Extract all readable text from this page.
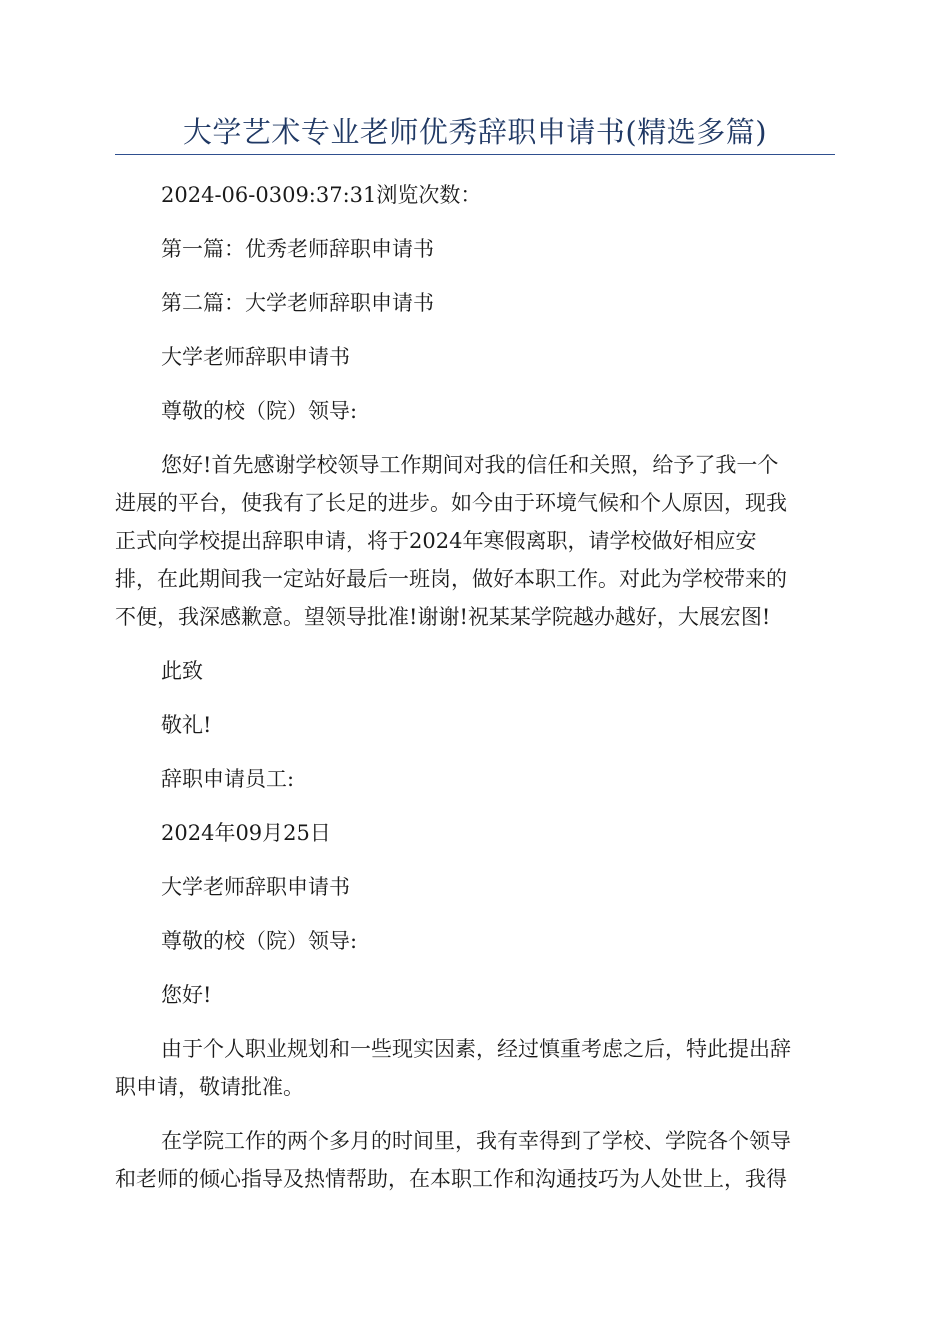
大学艺术专业老师优秀辞职申请书(精选多篇)
2024-06-0309:37:31浏览次数：
第一篇：优秀老师辞职申请书
第二篇：大学老师辞职申请书
大学老师辞职申请书
尊敬的校（院）领导:
您好!首先感谢学校领导工作期间对我的信任和关照，给予了我一个
进展的平台，使我有了长足的进步。如今由于环境气候和个人原因，现我
正式向学校提出辞职申请，将于2024年寒假离职，请学校做好相应安
排，在此期间我一定站好最后一班岗，做好本职工作。对此为学校带来的
不便，我深感歉意。望领导批准!谢谢!祝某某学院越办越好，大展宏图!
此致
敬礼!
辞职申请员工:
2024年09月25日
大学老师辞职申请书
尊敬的校（院）领导:
您好!
由于个人职业规划和一些现实因素，经过慎重考虑之后，特此提出辞
职申请，敬请批准。
在学院工作的两个多月的时间里，我有幸得到了学校、学院各个领导
和老师的倾心指导及热情帮助，在本职工作和沟通技巧为人处世上，我得
